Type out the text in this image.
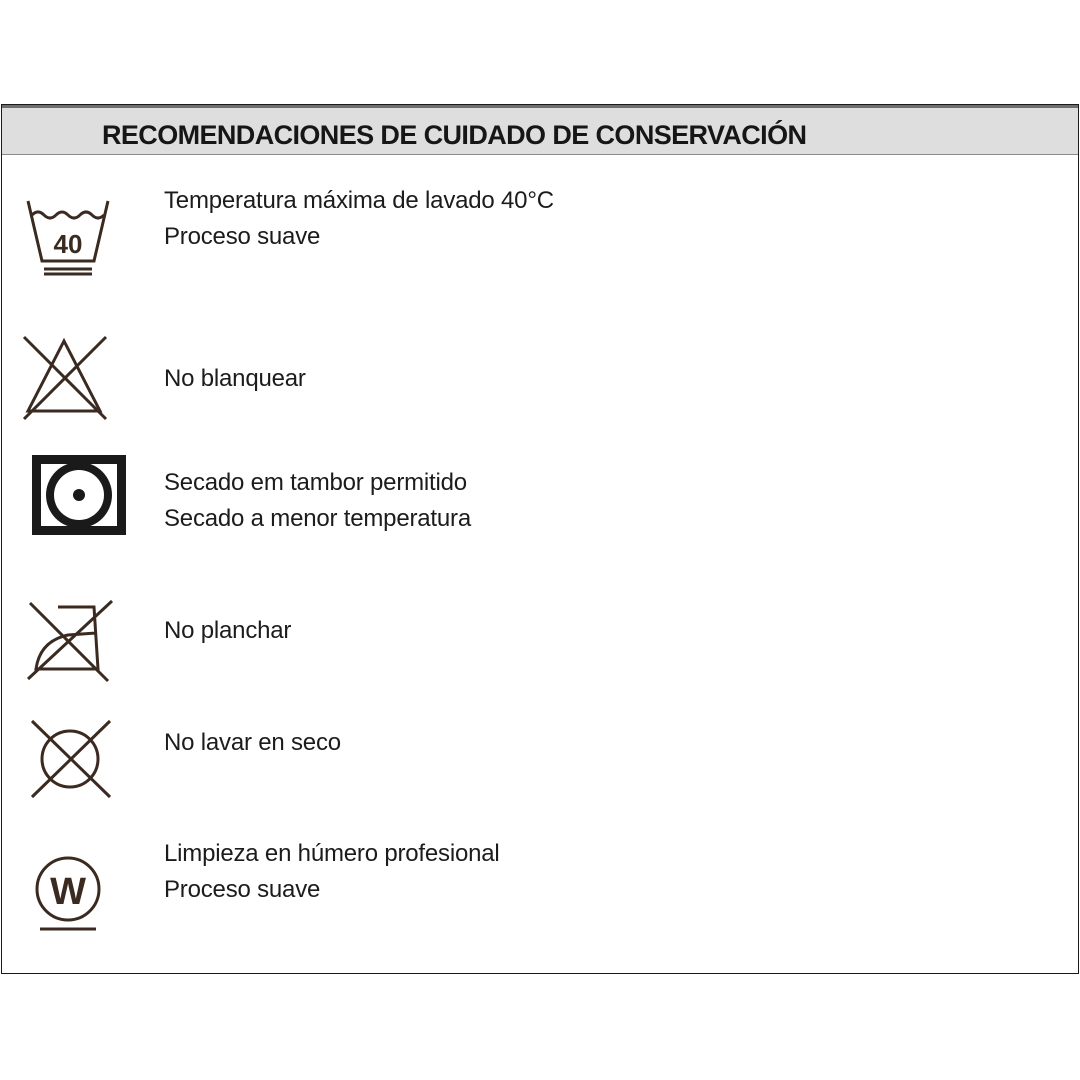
RECOMENDACIONES DE CUIDADO DE CONSERVACIÓN
40
Temperatura máxima de lavado 40°C
Proceso suave
No blanquear
Secado em tambor permitido
Secado a menor temperatura
No planchar
No lavar en seco
W
Limpieza en húmero profesional
Proceso suave
